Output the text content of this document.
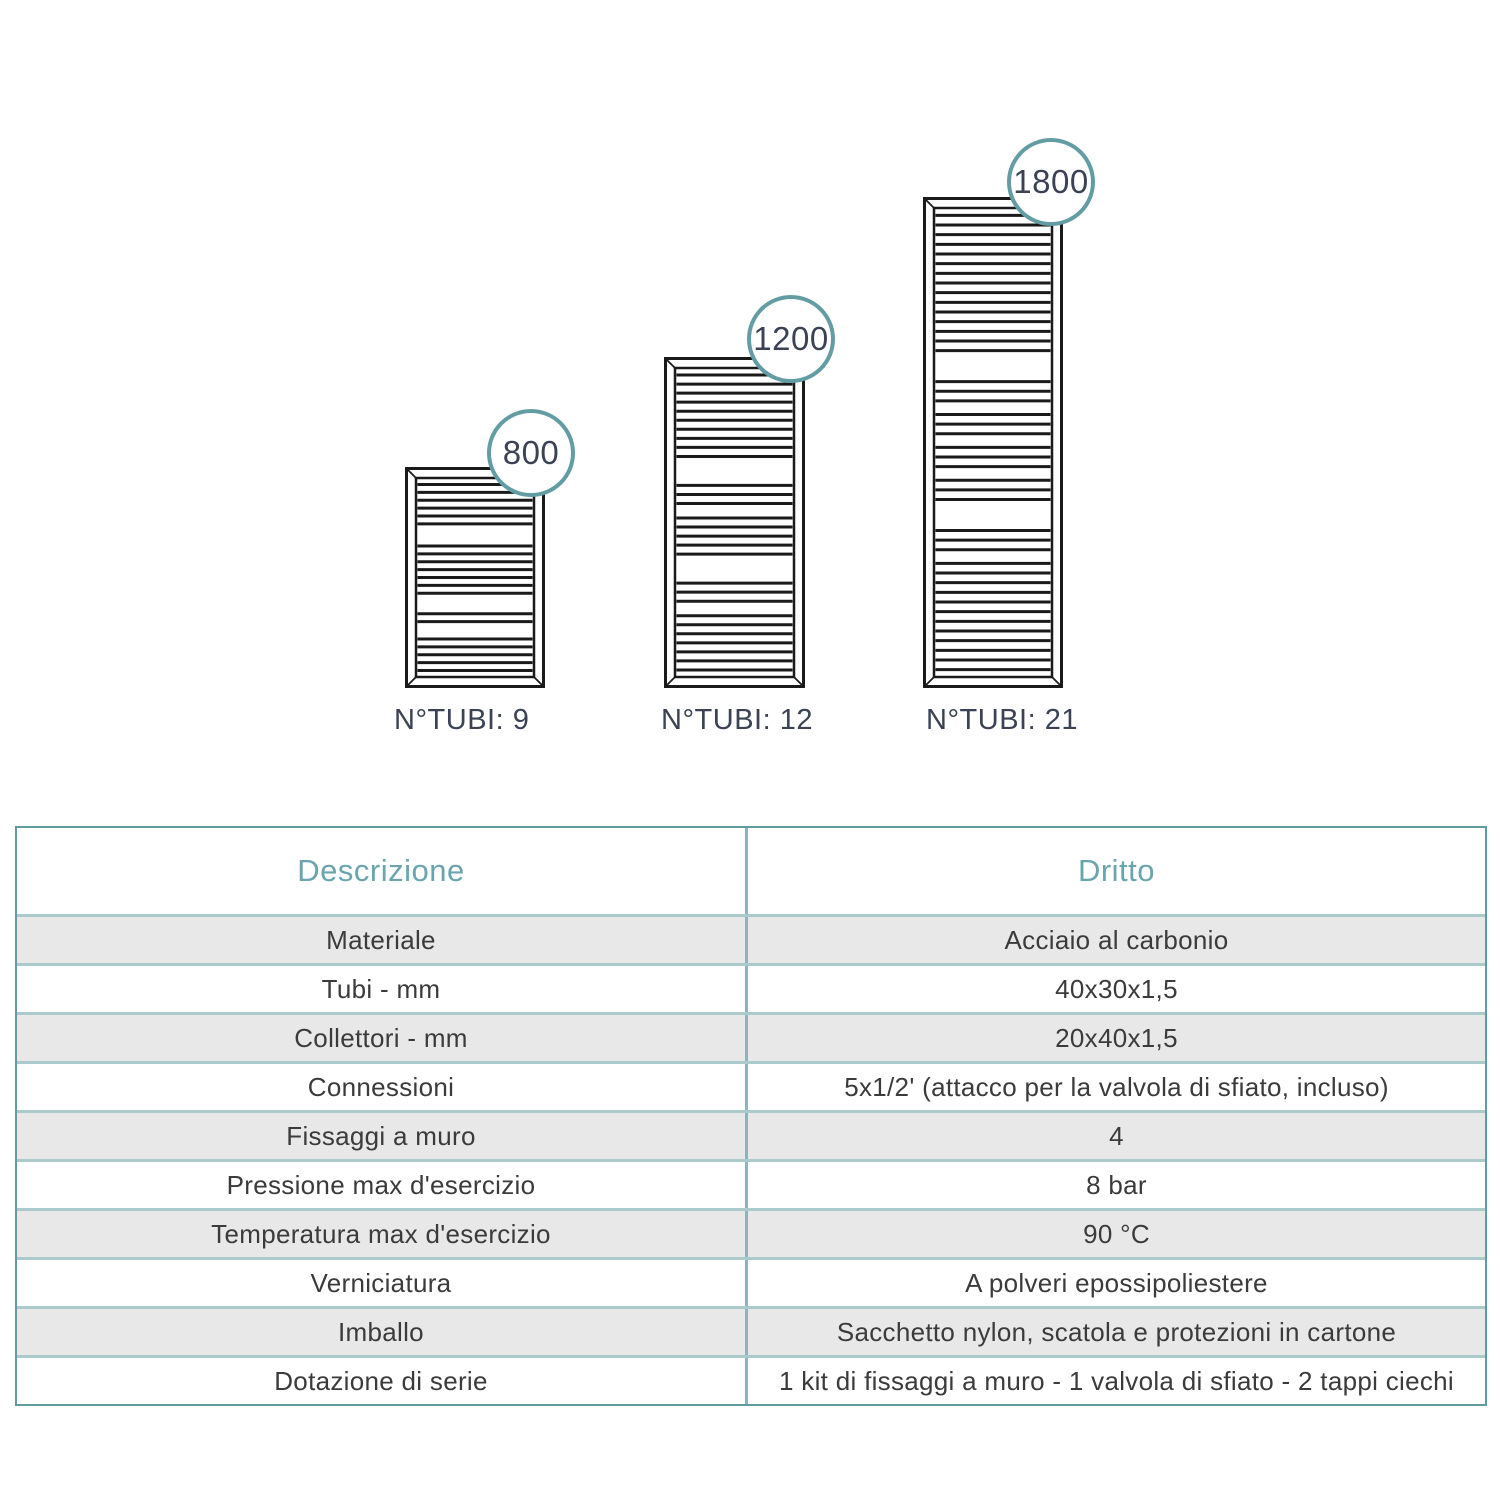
800
1200
1800
N°TUBI: 9	N°TUBI: 12	N°TUBI: 21
Descrizione	Dritto
Materiale	Acciaio al carbonio
Tubi - mm	40x30x1,5
Collettori - mm	20x40x1,5
Connessioni	5x1/2' (attacco per la valvola di sfiato, incluso)
Fissaggi a muro	4
Pressione max d'esercizio	8 bar
Temperatura max d'esercizio	90 °C
Verniciatura	A polveri epossipoliestere
Imballo	Sacchetto nylon, scatola e protezioni in cartone
Dotazione di serie	1 kit di fissaggi a muro - 1 valvola di sfiato - 2 tappi ciechi
